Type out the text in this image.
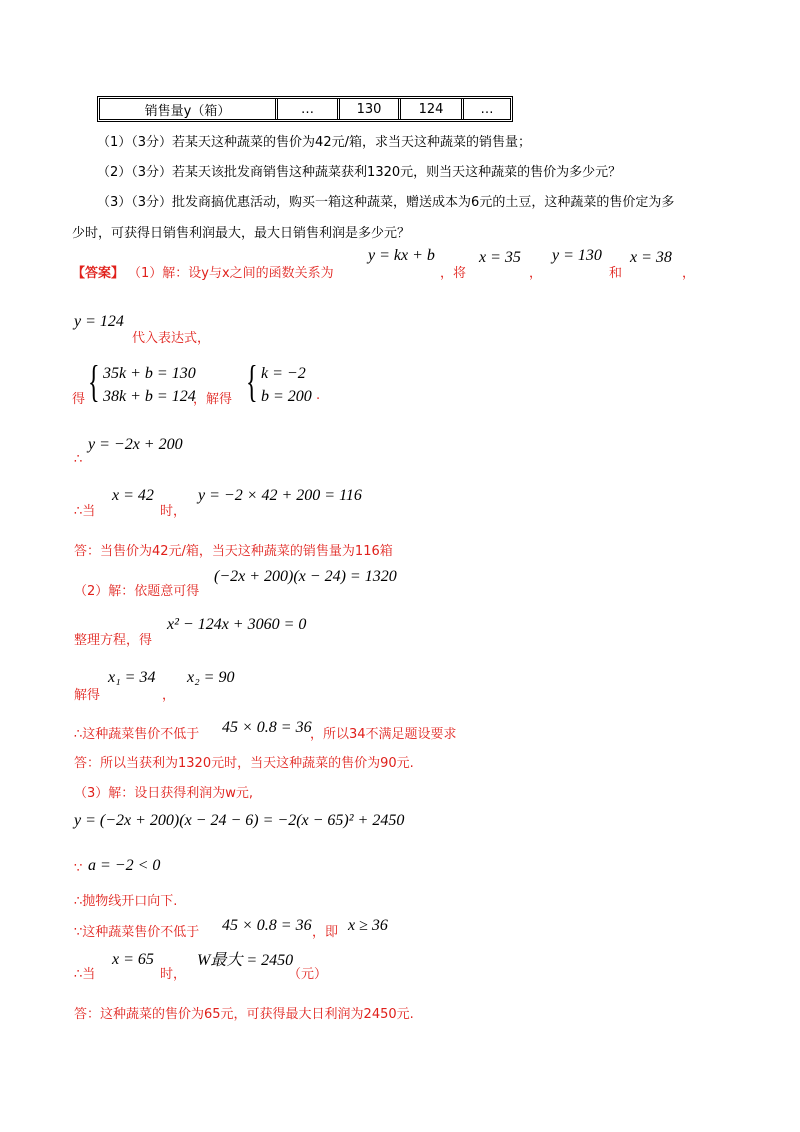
销售量y（箱）	…	130	124	…
（1）（3分）若某天这种蔬菜的售价为42元/箱，求当天这种蔬菜的销售量；
（2）（3分）若某天该批发商销售这种蔬菜获利1320元，则当天这种蔬菜的售价为多少元？
（3）（3分）批发商搞优惠活动，购买一箱这种蔬菜，赠送成本为6元的土豆，这种蔬菜的售价定为多
少时，可获得日销售利润最大，最大日销售利润是多少元？
【答案】 （1）解：设y与x之间的函数关系为
y = kx + b
，将
x = 35
，
y = 130
和
x = 38
，
y = 124
代入表达式，
得 { 35k + b = 130
38k + b = 124
，解得 { k = −2
b = 200 .
∴
y = −2x + 200
∴当
x = 42
时，
y = −2 × 42 + 200 = 116
答：当售价为42元/箱，当天这种蔬菜的销售量为116箱
（2）解：依题意可得
(−2x + 200)(x − 24) = 1320
整理方程，得
x² − 124x + 3060 = 0
解得
x₁ = 34
，
x₂ = 90
∴这种蔬菜售价不低于 45 × 0.8 = 36
，所以34不满足题设要求
答：所以当获利为1320元时，当天这种蔬菜的售价为90元.
（3）解：设日获得利润为w元,
y = (−2x + 200)(x − 24 − 6) = −2(x − 65)² + 2450
∵ a = −2 < 0
∴抛物线开口向下.
∵这种蔬菜售价不低于 45 × 0.8 = 36 ，即 x ≥ 36
∴当
x = 65
时，
W最大 = 2450
（元）
答：这种蔬菜的售价为65元，可获得最大日利润为2450元.
